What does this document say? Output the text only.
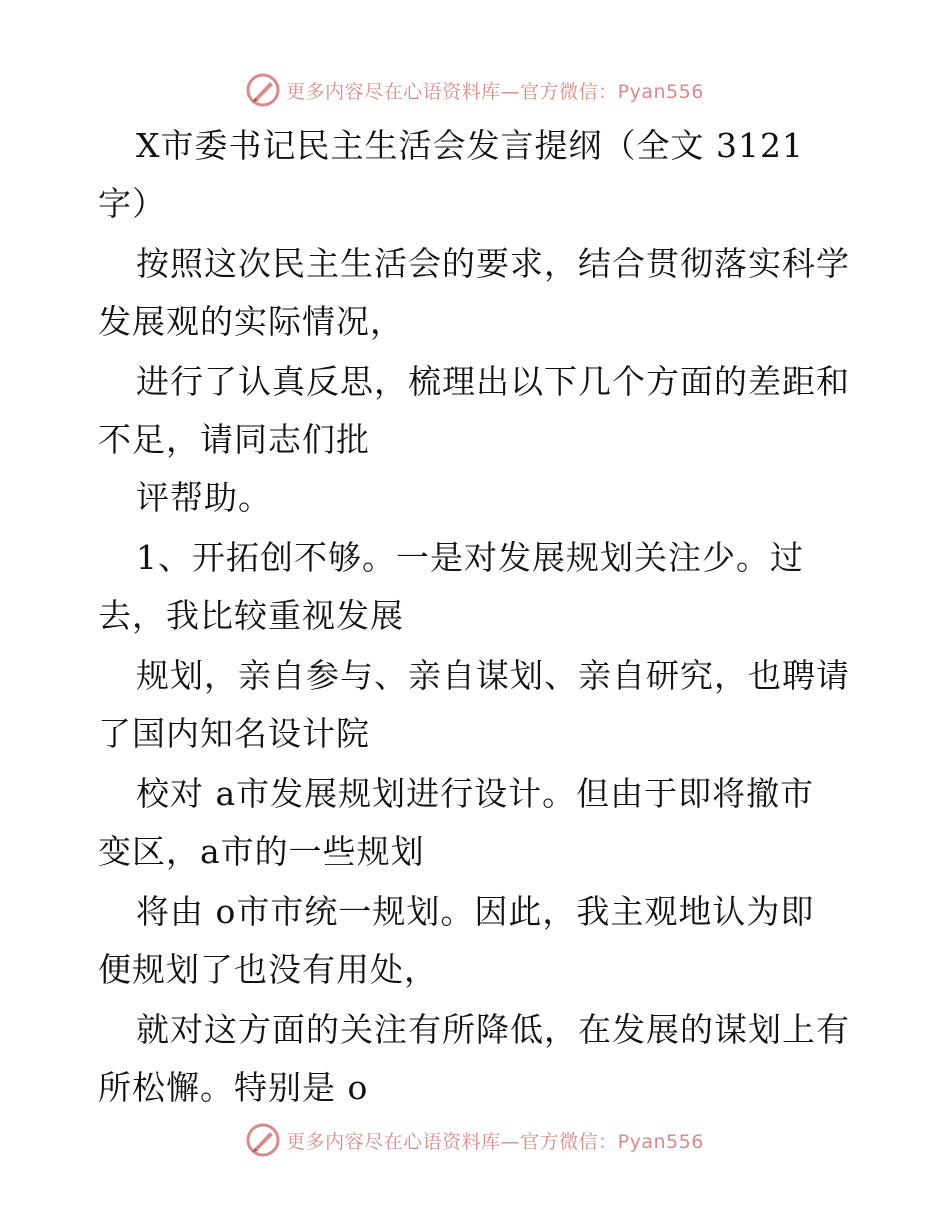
更多内容尽在心语资料库—官方微信：Pyan556
X市委书记民主生活会发言提纲（全文 3121
字）
按照这次民主生活会的要求，结合贯彻落实科学
发展观的实际情况，
进行了认真反思，梳理出以下几个方面的差距和
不足，请同志们批
评帮助。
1、开拓创不够。一是对发展规划关注少。过
去，我比较重视发展
规划，亲自参与、亲自谋划、亲自研究，也聘请
了国内知名设计院
校对 a市发展规划进行设计。但由于即将撤市
变区，a市的一些规划
将由 o市市统一规划。因此，我主观地认为即
便规划了也没有用处，
就对这方面的关注有所降低，在发展的谋划上有
所松懈。特别是 o
更多内容尽在心语资料库—官方微信：Pyan556
